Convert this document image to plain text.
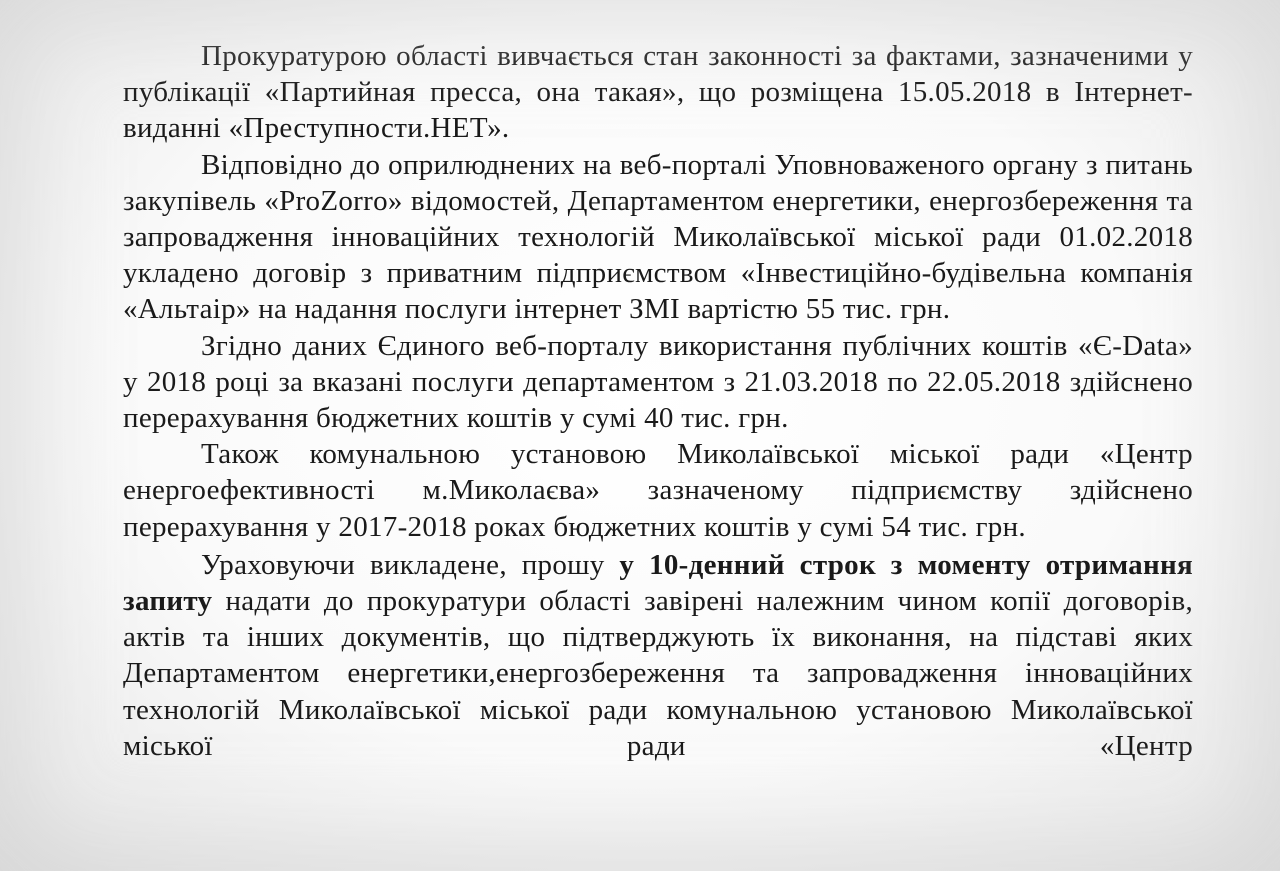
Прокуратурою області вивчається стан законності за фактами, зазначеними у публікації «Партийная пресса, она такая», що розміщена 15.05.2018 в Інтернет-виданні «Преступности.НЕТ».

Відповідно до оприлюднених на веб-порталі Уповноваженого органу з питань закупівель «ProZorro» відомостей, Департаментом енергетики, енергозбереження та запровадження інноваційних технологій Миколаївської міської ради 01.02.2018 укладено договір з приватним підприємством «Інвестиційно-будівельна компанія «Альтаір» на надання послуги інтернет ЗМІ вартістю 55 тис. грн.

Згідно даних Єдиного веб-порталу використання публічних коштів «Є-Data» у 2018 році за вказані послуги департаментом з 21.03.2018 по 22.05.2018 здійснено перерахування бюджетних коштів у сумі 40 тис. грн.

Також комунальною установою Миколаївської міської ради «Центр енергоефективності м.Миколаєва» зазначеному підприємству здійснено перерахування у 2017-2018 роках бюджетних коштів у сумі 54 тис. грн.

Ураховуючи викладене, прошу у 10-денний строк з моменту отримання запиту надати до прокуратури області завірені належним чином копії договорів, актів та інших документів, що підтверджують їх виконання, на підставі яких Департаментом енергетики,енергозбереження та запровадження інноваційних технологій Миколаївської міської ради комунальною установою Миколаївської міської ради «Центр
